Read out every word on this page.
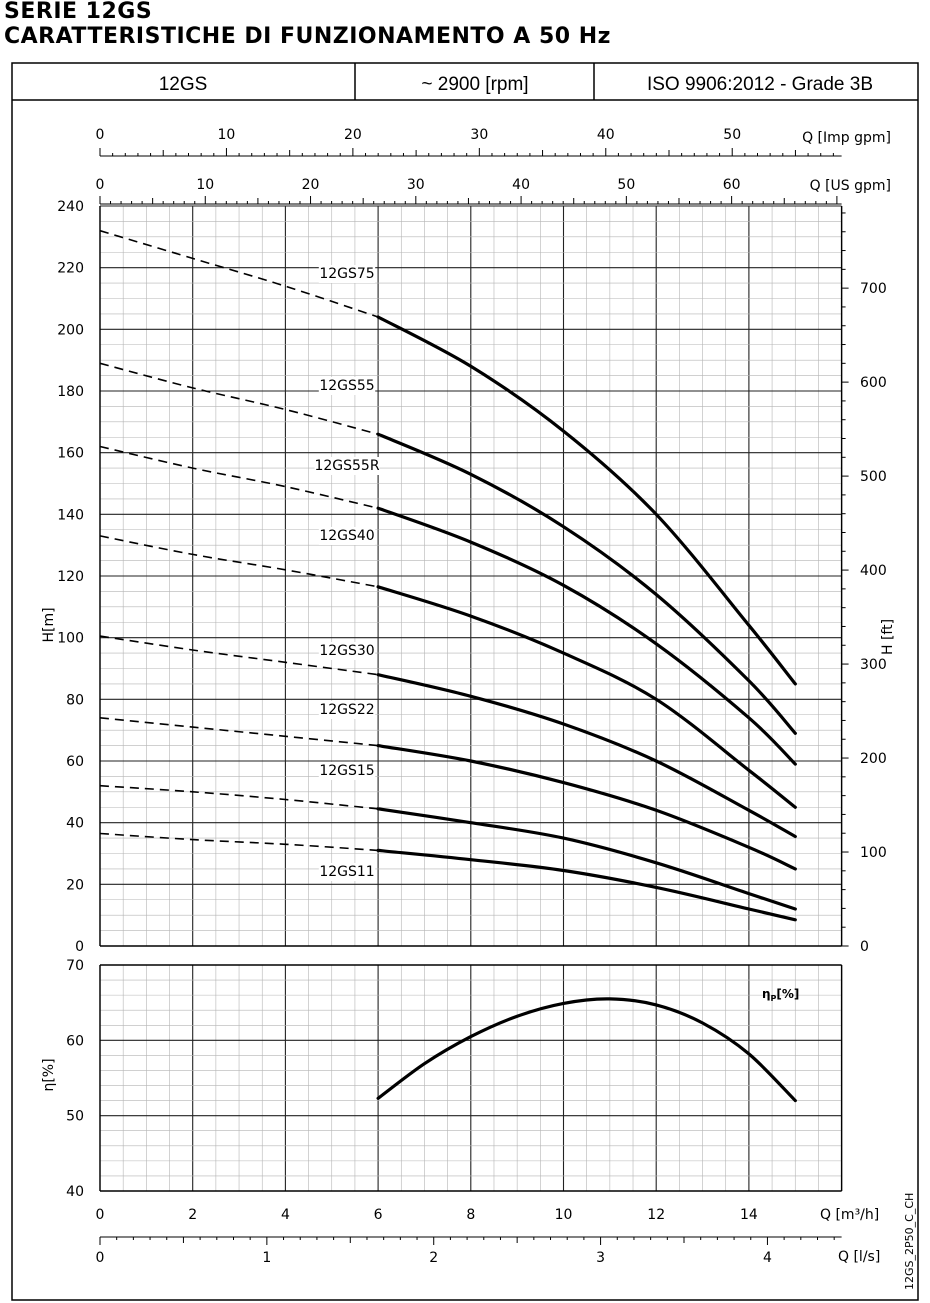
SERIE 12GS
CARATTERISTICHE DI FUNZIONAMENTO A 50 Hz
12GS	~ 2900 [rpm]	ISO 9906:2012 - Grade 3B
0
20
40
60
80
100
120
140
160
180
200
220
240
0
100
200
300
400
500
600
700
0	10	20	30	40	50
0	10	20	30	40	50	60
12GS75
12GS55
12GS55R
12GS40
12GS30
12GS22
12GS15
12GS11
40
50
60
70
0	2	4	6	8	10	12	14
0	1	2	3	4
H[m]	H [ft]
η[%]
Q [Imp gpm]
Q [US gpm]
Q [m³/h]
Q [l/s]
$\eta_P[\%]$
12GS_2P50_C_CH
